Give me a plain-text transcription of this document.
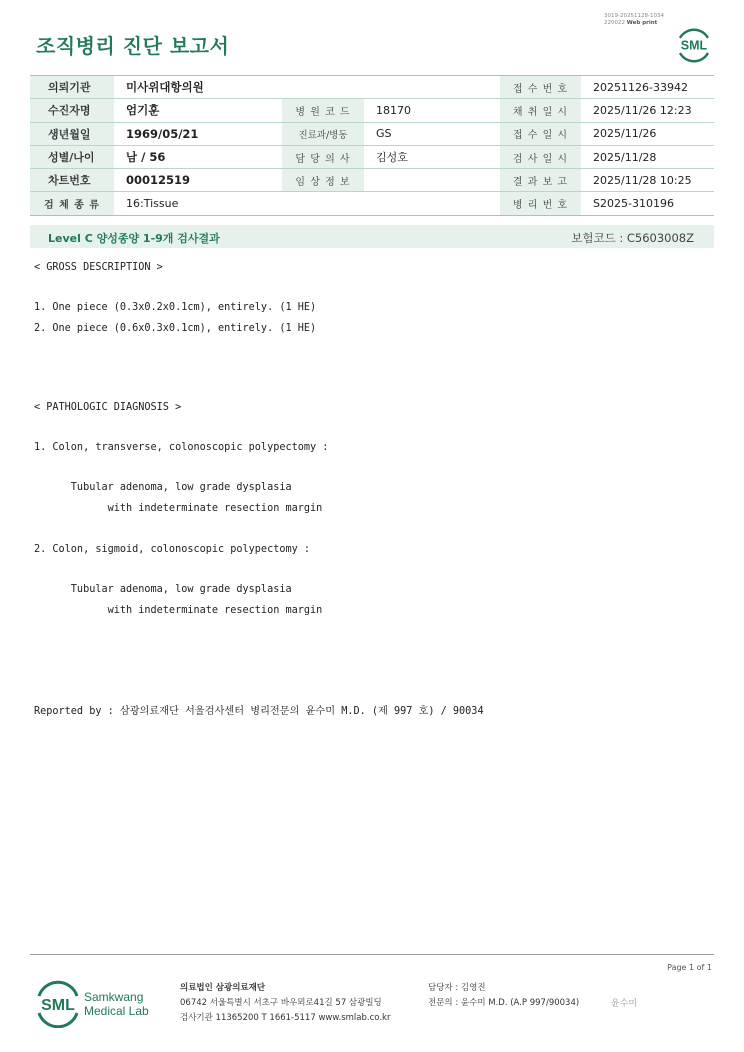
3019-20251128-1034
220022 Web print
조직병리 진단 보고서	SML
의뢰기관	미사위대항의원			접 수 번 호	20251126-33942
수진자명	엄기훈	병 원 코 드	18170	채 취 일 시	2025/11/26 12:23
생년월일	1969/05/21	진료과/병동	GS	접 수 일 시	2025/11/26
성별/나이	남 / 56	담 당 의 사	김성호	검 사 일 시	2025/11/28
차트번호	00012519	임 상 정 보		결 과 보 고	2025/11/28 10:25
검 체 종 류	16:Tissue			병 리 번 호	S2025-310196
Level C 양성종양 1-9개 검사결과	보험코드 : C5603008Z
< GROSS DESCRIPTION >
1. One piece (0.3x0.2x0.1cm), entirely. (1 HE)
2. One piece (0.6x0.3x0.1cm), entirely. (1 HE)
< PATHOLOGIC DIAGNOSIS >
1. Colon, transverse, colonoscopic polypectomy :
Tubular adenoma, low grade dysplasia
with indeterminate resection margin
2. Colon, sigmoid, colonoscopic polypectomy :
Tubular adenoma, low grade dysplasia
with indeterminate resection margin
Reported by : 삼광의료재단 서울검사센터 병리전문의 윤수미 M.D. (제 997 호) / 90034
Page 1 of 1
SML Samkwang
Medical Lab
의료법인 삼광의료재단
06742 서울특별시 서초구 바우뫼로41길 57 삼광빌딩
검사기관 11365200 T 1661-5117 www.smlab.co.kr
담당자 : 김영진
전문의 : 윤수미 M.D. (A.P 997/90034)	윤수미
